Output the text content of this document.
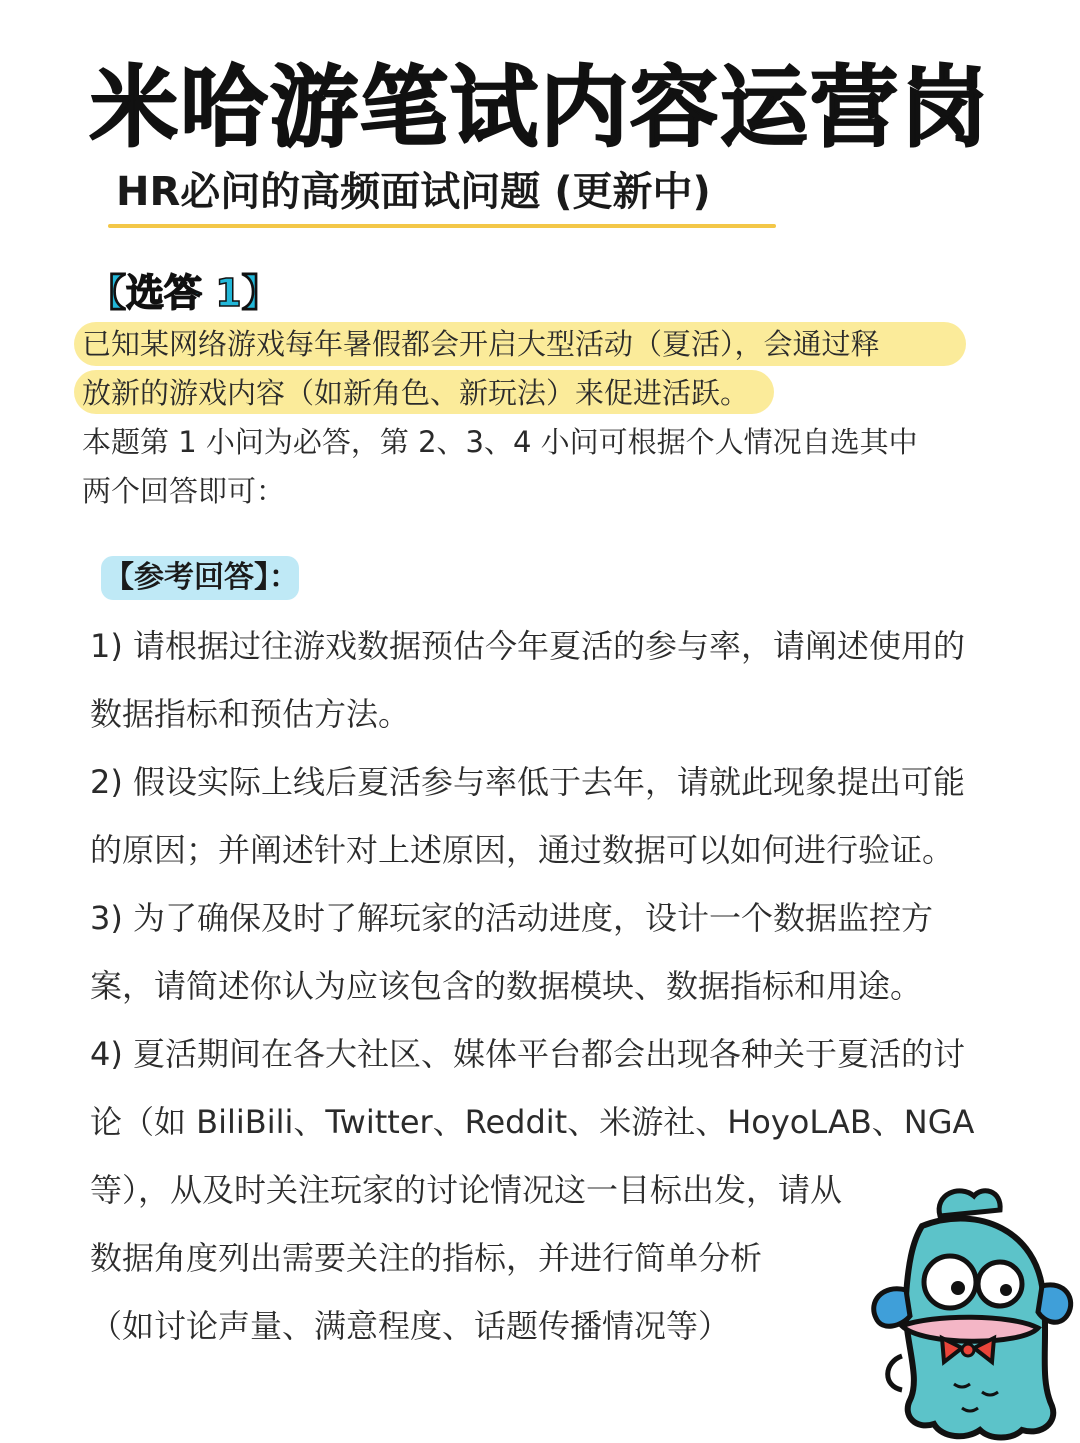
米哈游笔试内容运营岗
HR必问的高频面试问题 (更新中)
【选答 1】
已知某网络游戏每年暑假都会开启大型活动（夏活），会通过释
放新的游戏内容（如新角色、新玩法）来促进活跃。
本题第 1 小问为必答，第 2、3、4 小问可根据个人情况自选其中
两个回答即可：
【参考回答】：
1) 请根据过往游戏数据预估今年夏活的参与率，请阐述使用的
数据指标和预估方法。
2) 假设实际上线后夏活参与率低于去年，请就此现象提出可能
的原因；并阐述针对上述原因，通过数据可以如何进行验证。
3) 为了确保及时了解玩家的活动进度，设计一个数据监控方
案，请简述你认为应该包含的数据模块、数据指标和用途。
4) 夏活期间在各大社区、媒体平台都会出现各种关于夏活的讨
论（如 BiliBili、Twitter、Reddit、米游社、HoyoLAB、NGA
等），从及时关注玩家的讨论情况这一目标出发，请从
数据角度列出需要关注的指标，并进行简单分析
（如讨论声量、满意程度、话题传播情况等）
